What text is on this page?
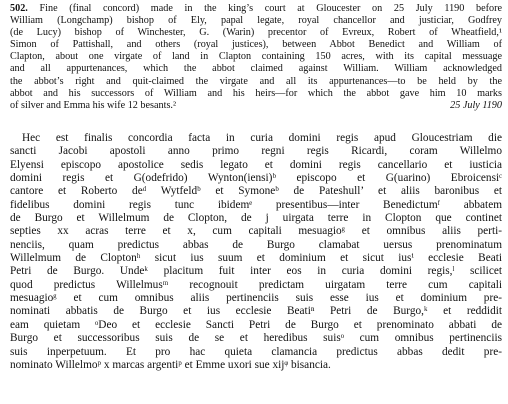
502. Fine (final concord) made in the king’s court at Gloucester on 25 July 1190 before
William (Longchamp) bishop of Ely, papal legate, royal chancellor and justiciar, Godfrey
(de Lucy) bishop of Winchester, G. (Warin) precentor of Evreux, Robert of Wheatfield,¹
Simon of Pattishall, and others (royal justices), between Abbot Benedict and William of
Clapton, about one virgate of land in Clapton containing 150 acres, with its capital messuage
and all appurtenances, which the abbot claimed against William. William acknowledged
the abbot’s right and quit-claimed the virgate and all its appurtenances—to be held by the
abbot and his successors of William and his heirs—for which the abbot gave him 10 marks
of silver and Emma his wife 12 besants.²	25 July 1190
Hec est finalis concordia facta in curia domini regis apud Gloucestriam die
sancti Jacobi apostoli anno primo regni regis Ricardi, coram Willelmo
Elyensi episcopo apostolice sedis legato et domini regis cancellario et iusticia
domini regis et G(odefrido) Wynton(iensi)ᵇ episcopo et G(uarino) Ebroicensiᶜ
cantore et Roberto deᵈ Wytfeldᵇ et Symoneᵇ de Pateshull’ et aliis baronibus et
fidelibus domini regis tunc ibidemᵉ presentibus—inter Benedictumᶠ abbatem
de Burgo et Willelmum de Clopton, de j uirgata terre in Clopton que continet
septies xx acras terre et x, cum capitali mesuagioᵍ et omnibus aliis perti-
nenciis, quam predictus abbas de Burgo clamabat uersus prenominatum
Willelmum de Cloptonʰ sicut ius suum et dominium et sicut iusⁱ ecclesie Beati
Petri de Burgo. Undeᵏ placitum fuit inter eos in curia domini regis,ˡ scilicet
quod predictus Willelmusᵐ recognouit predictam uirgatam terre cum capitali
mesuagioᵍ et cum omnibus aliis pertinenciis suis esse ius et dominium pre-
nominati abbatis de Burgo et ius ecclesie Beatiⁿ Petri de Burgo,ᵏ et reddidit
eam quietam ᵒDeo et ecclesie Sancti Petri de Burgo et prenominato abbati de
Burgo et successoribus suis de se et heredibus suisᵒ cum omnibus pertinenciis
suis inperpetuum. Et pro hac quieta clamancia predictus abbas dedit pre-
nominato Willelmoᵖ x marcas argentiᵖ et Emme uxori sue xijᵠ bisancia.
